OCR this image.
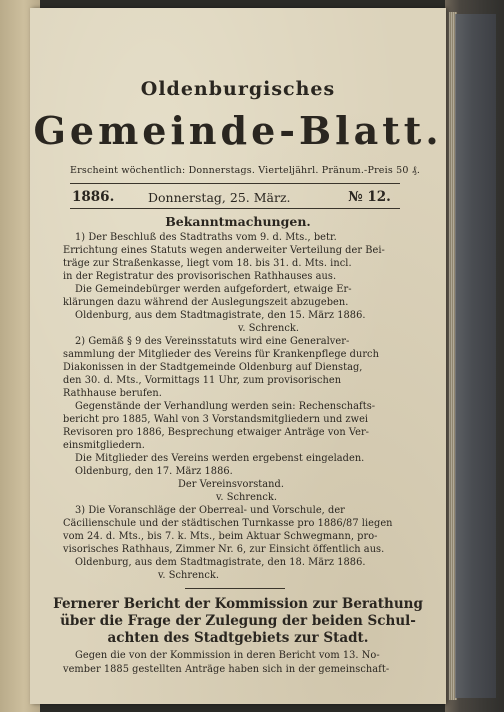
Oldenburgisches
Gemeinde-Blatt.
Erscheint wöchentlich: Donnerstags. Vierteljährl. Pränum.-Preis 50 ₰.
1886.	Donnerstag, 25. März.	№ 12.
Bekanntmachungen.
1) Der Beschluß des Stadtraths vom 9. d. Mts., betr.
Errichtung eines Statuts wegen anderweiter Verteilung der Bei-
träge zur Straßenkasse, liegt vom 18. bis 31. d. Mts. incl.
in der Registratur des provisorischen Rathhauses aus.
Die Gemeindebürger werden aufgefordert, etwaige Er-
klärungen dazu während der Auslegungszeit abzugeben.
Oldenburg, aus dem Stadtmagistrate, den 15. März 1886.
v. Schrenck.
2) Gemäß § 9 des Vereinsstatuts wird eine Generalver-
sammlung der Mitglieder des Vereins für Krankenpflege durch
Diakonissen in der Stadtgemeinde Oldenburg auf Dienstag,
den 30. d. Mts., Vormittags 11 Uhr, zum provisorischen
Rathhause berufen.
Gegenstände der Verhandlung werden sein: Rechenschafts-
bericht pro 1885, Wahl von 3 Vorstandsmitgliedern und zwei
Revisoren pro 1886, Besprechung etwaiger Anträge von Ver-
einsmitgliedern.
Die Mitglieder des Vereins werden ergebenst eingeladen.
Oldenburg, den 17. März 1886.
Der Vereinsvorstand.
v. Schrenck.
3) Die Voranschläge der Oberreal- und Vorschule, der
Cäcilienschule und der städtischen Turnkasse pro 1886/87 liegen
vom 24. d. Mts., bis 7. k. Mts., beim Aktuar Schwegmann, pro-
visorisches Rathhaus, Zimmer Nr. 6, zur Einsicht öffentlich aus.
Oldenburg, aus dem Stadtmagistrate, den 18. März 1886.
v. Schrenck.
Fernerer Bericht der Kommission zur Berathung
über die Frage der Zulegung der beiden Schul-
achten des Stadtgebiets zur Stadt.
Gegen die von der Kommission in deren Bericht vom 13. No-
vember 1885 gestellten Anträge haben sich in der gemeinschaft-
